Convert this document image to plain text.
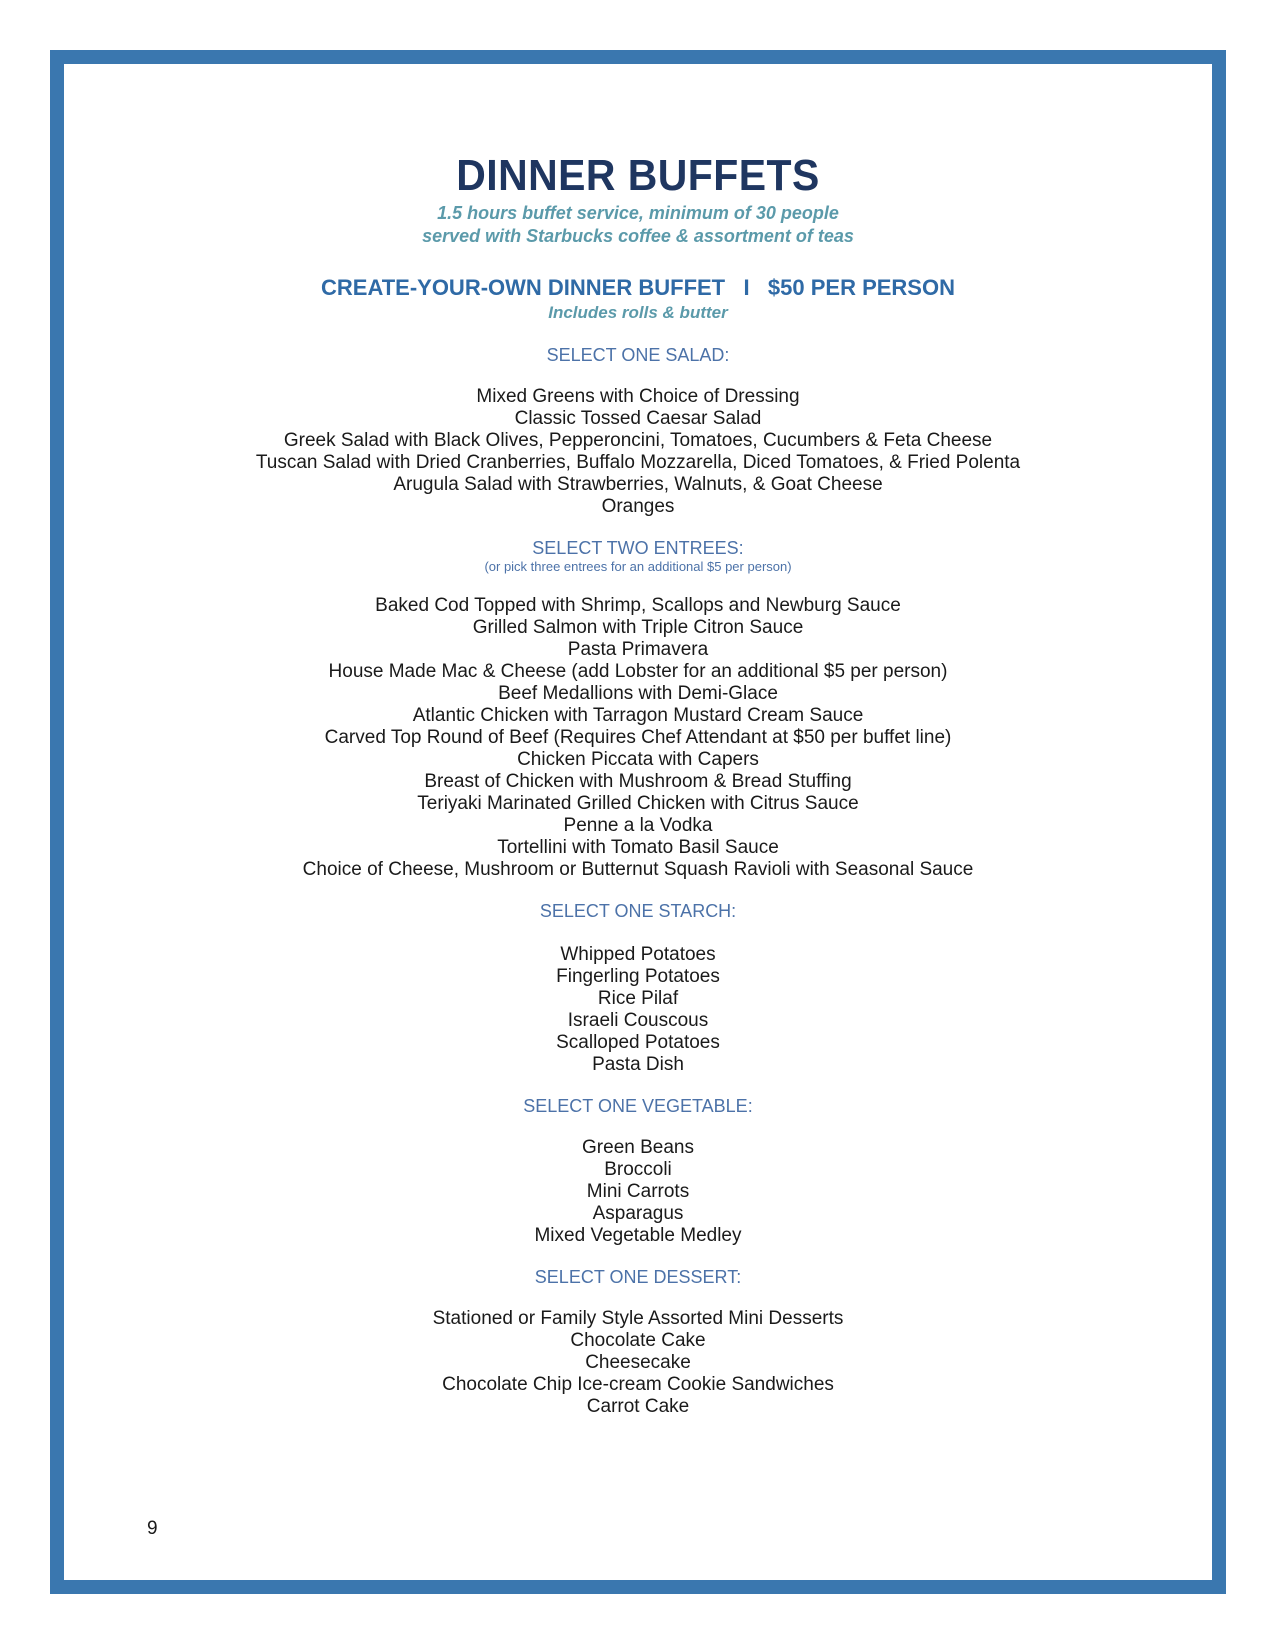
DINNER BUFFETS

1.5 hours buffet service, minimum of 30 people

served with Starbucks coffee & assortment of teas

CREATE-YOUR-OWN DINNER BUFFET   I   $50 PER PERSON

Includes rolls & butter

SELECT ONE SALAD:

Mixed Greens with Choice of Dressing
Classic Tossed Caesar Salad
Greek Salad with Black Olives, Pepperoncini, Tomatoes, Cucumbers & Feta Cheese
Tuscan Salad with Dried Cranberries, Buffalo Mozzarella, Diced Tomatoes, & Fried Polenta
Arugula Salad with Strawberries, Walnuts, & Goat Cheese
Oranges

SELECT TWO ENTREES:

(or pick three entrees for an additional $5 per person)

Baked Cod Topped with Shrimp, Scallops and Newburg Sauce
Grilled Salmon with Triple Citron Sauce
Pasta Primavera
House Made Mac & Cheese (add Lobster for an additional $5 per person)
Beef Medallions with Demi-Glace
Atlantic Chicken with Tarragon Mustard Cream Sauce
Carved Top Round of Beef (Requires Chef Attendant at $50 per buffet line)
Chicken Piccata with Capers
Breast of Chicken with Mushroom & Bread Stuffing
Teriyaki Marinated Grilled Chicken with Citrus Sauce
Penne a la Vodka
Tortellini with Tomato Basil Sauce
Choice of Cheese, Mushroom or Butternut Squash Ravioli with Seasonal Sauce

SELECT ONE STARCH:

Whipped Potatoes
Fingerling Potatoes
Rice Pilaf
Israeli Couscous
Scalloped Potatoes
Pasta Dish

SELECT ONE VEGETABLE:

Green Beans
Broccoli
Mini Carrots
Asparagus
Mixed Vegetable Medley

SELECT ONE DESSERT:

Stationed or Family Style Assorted Mini Desserts
Chocolate Cake
Cheesecake
Chocolate Chip Ice-cream Cookie Sandwiches
Carrot Cake
9
